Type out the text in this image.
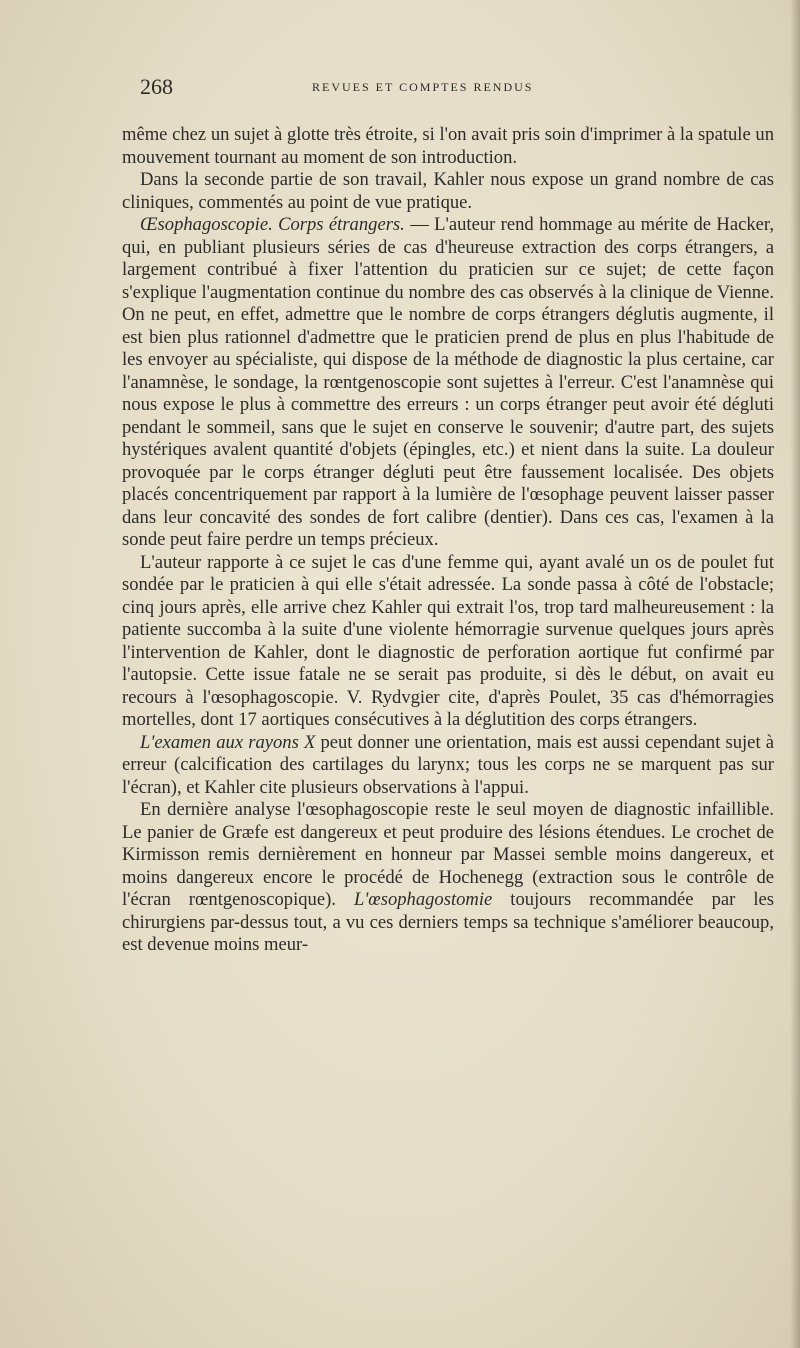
268	REVUES ET COMPTES RENDUS

même chez un sujet à glotte très étroite, si l'on avait pris soin d'imprimer à la spatule un mouvement tournant au moment de son introduction.

Dans la seconde partie de son travail, Kahler nous expose un grand nombre de cas cliniques, commentés au point de vue pratique.

Œsophagoscopie. Corps étrangers. — L'auteur rend hommage au mérite de Hacker, qui, en publiant plusieurs séries de cas d'heureuse extraction des corps étrangers, a largement contribué à fixer l'attention du praticien sur ce sujet; de cette façon s'explique l'augmentation continue du nombre des cas observés à la clinique de Vienne. On ne peut, en effet, admettre que le nombre de corps étrangers déglutis augmente, il est bien plus rationnel d'admettre que le praticien prend de plus en plus l'habitude de les envoyer au spécialiste, qui dispose de la méthode de diagnostic la plus certaine, car l'anamnèse, le sondage, la rœntgenoscopie sont sujettes à l'erreur. C'est l'anamnèse qui nous expose le plus à commettre des erreurs : un corps étranger peut avoir été dégluti pendant le sommeil, sans que le sujet en conserve le souvenir; d'autre part, des sujets hystériques avalent quantité d'objets (épingles, etc.) et nient dans la suite. La douleur provoquée par le corps étranger dégluti peut être faussement localisée. Des objets placés concentriquement par rapport à la lumière de l'œsophage peuvent laisser passer dans leur concavité des sondes de fort calibre (dentier). Dans ces cas, l'examen à la sonde peut faire perdre un temps précieux.

L'auteur rapporte à ce sujet le cas d'une femme qui, ayant avalé un os de poulet fut sondée par le praticien à qui elle s'était adressée. La sonde passa à côté de l'obstacle; cinq jours après, elle arrive chez Kahler qui extrait l'os, trop tard malheureusement : la patiente succomba à la suite d'une violente hémorragie survenue quelques jours après l'intervention de Kahler, dont le diagnostic de perforation aortique fut confirmé par l'autopsie. Cette issue fatale ne se serait pas produite, si dès le début, on avait eu recours à l'œsophagoscopie. V. Rydvgier cite, d'après Poulet, 35 cas d'hémorragies mortelles, dont 17 aortiques consécutives à la déglutition des corps étrangers.

L'examen aux rayons X peut donner une orientation, mais est aussi cependant sujet à erreur (calcification des cartilages du larynx; tous les corps ne se marquent pas sur l'écran), et Kahler cite plusieurs observations à l'appui.

En dernière analyse l'œsophagoscopie reste le seul moyen de diagnostic infaillible. Le panier de Græfe est dangereux et peut produire des lésions étendues. Le crochet de Kirmisson remis dernièrement en honneur par Massei semble moins dangereux, et moins dangereux encore le procédé de Hochenegg (extraction sous le contrôle de l'écran rœntgenoscopique). L'œsophagostomie toujours recommandée par les chirurgiens par-dessus tout, a vu ces derniers temps sa technique s'améliorer beaucoup, est devenue moins meur-
